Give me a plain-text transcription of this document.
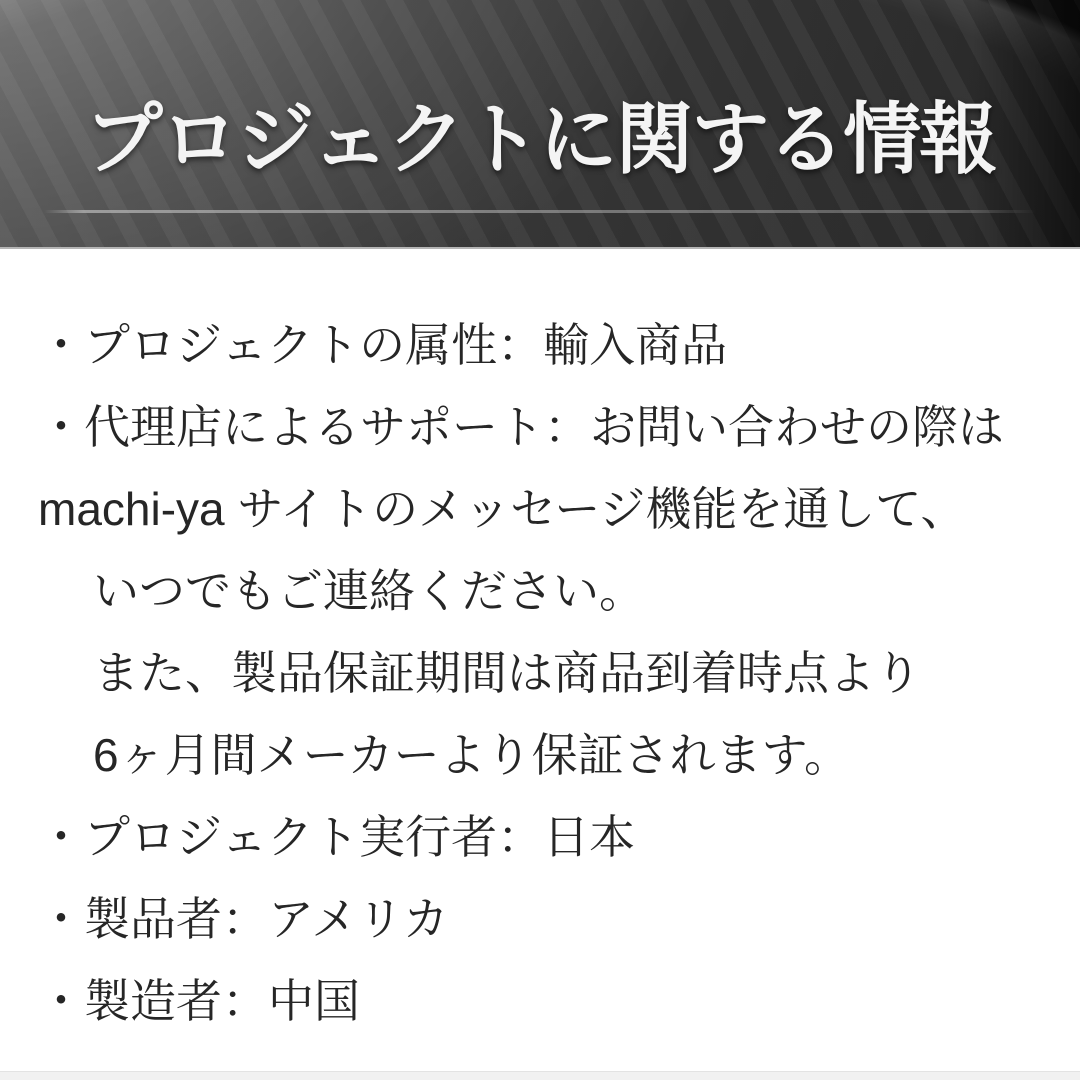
プロジェクトに関する情報
・プロジェクトの属性：輸入商品
・代理店によるサポート：お問い合わせの際は
machi-ya サイトのメッセージ機能を通して、
いつでもご連絡ください。
また、製品保証期間は商品到着時点より
6ヶ月間メーカーより保証されます。
・プロジェクト実行者：日本
・製品者：アメリカ
・製造者：中国
